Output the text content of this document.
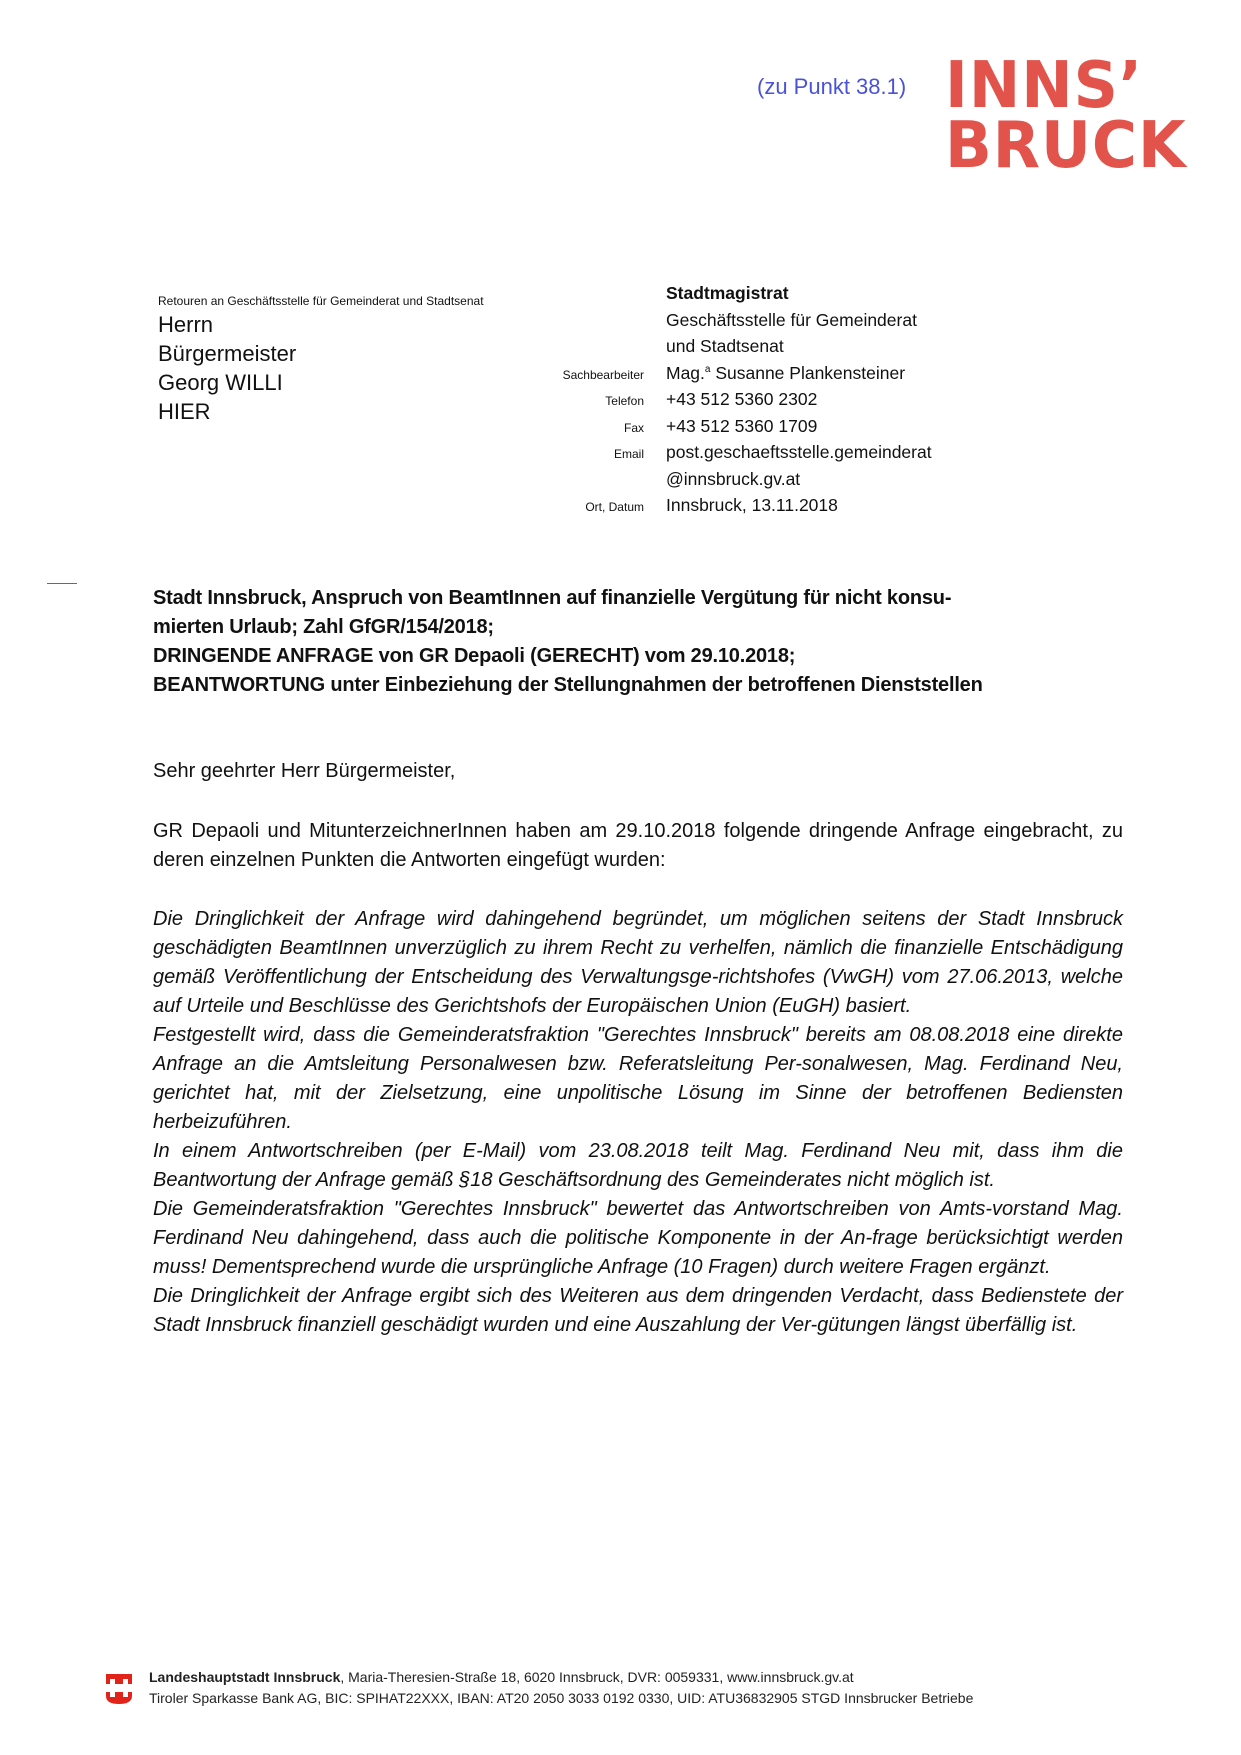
(zu Punkt 38.1) INNS’
BRUCK
Retouren an Geschäftsstelle für Gemeinderat und Stadtsenat
Herrn
Bürgermeister
Georg WILLI
HIER
Stadtmagistrat
Geschäftsstelle für Gemeinderat
und Stadtsenat
Sachbearbeiter	Mag.$^a$ Susanne Plankensteiner
Telefon	+43 512 5360 2302
Fax	+43 512 5360 1709
Email	post.geschaeftsstelle.gemeinderat
@innsbruck.gv.at
Ort, Datum	Innsbruck, 13.11.2018
Stadt Innsbruck, Anspruch von BeamtInnen auf finanzielle Vergütung für nicht konsu-
mierten Urlaub; Zahl GfGR/154/2018;
DRINGENDE ANFRAGE von GR Depaoli (GERECHT) vom 29.10.2018;
BEANTWORTUNG unter Einbeziehung der Stellungnahmen der betroffenen Dienststellen
Sehr geehrter Herr Bürgermeister,
GR Depaoli und MitunterzeichnerInnen haben am 29.10.2018 folgende dringende Anfrage eingebracht, zu deren einzelnen Punkten die Antworten eingefügt wurden:

Die Dringlichkeit der Anfrage wird dahingehend begründet, um möglichen seitens der Stadt Innsbruck geschädigten BeamtInnen unverzüglich zu ihrem Recht zu verhelfen, nämlich die finanzielle Entschädigung gemäß Veröffentlichung der Entscheidung des Verwaltungsge-richtshofes (VwGH) vom 27.06.2013, welche auf Urteile und Beschlüsse des Gerichtshofs der Europäischen Union (EuGH) basiert.

Festgestellt wird, dass die Gemeinderatsfraktion "Gerechtes Innsbruck" bereits am 08.08.2018 eine direkte Anfrage an die Amtsleitung Personalwesen bzw. Referatsleitung Per-sonalwesen, Mag. Ferdinand Neu, gerichtet hat, mit der Zielsetzung, eine unpolitische Lösung im Sinne der betroffenen Bediensten herbeizuführen.

In einem Antwortschreiben (per E-Mail) vom 23.08.2018 teilt Mag. Ferdinand Neu mit, dass ihm die Beantwortung der Anfrage gemäß §18 Geschäftsordnung des Gemeinderates nicht möglich ist.

Die Gemeinderatsfraktion "Gerechtes Innsbruck" bewertet das Antwortschreiben von Amts-vorstand Mag. Ferdinand Neu dahingehend, dass auch die politische Komponente in der An-frage berücksichtigt werden muss! Dementsprechend wurde die ursprüngliche Anfrage (10 Fragen) durch weitere Fragen ergänzt.

Die Dringlichkeit der Anfrage ergibt sich des Weiteren aus dem dringenden Verdacht, dass Bedienstete der Stadt Innsbruck finanziell geschädigt wurden und eine Auszahlung der Ver-gütungen längst überfällig ist.

Landeshauptstadt Innsbruck, Maria-Theresien-Straße 18, 6020 Innsbruck, DVR: 0059331, www.innsbruck.gv.at
Tiroler Sparkasse Bank AG, BIC: SPIHAT22XXX, IBAN: AT20 2050 3033 0192 0330, UID: ATU36832905 STGD Innsbrucker Betriebe
